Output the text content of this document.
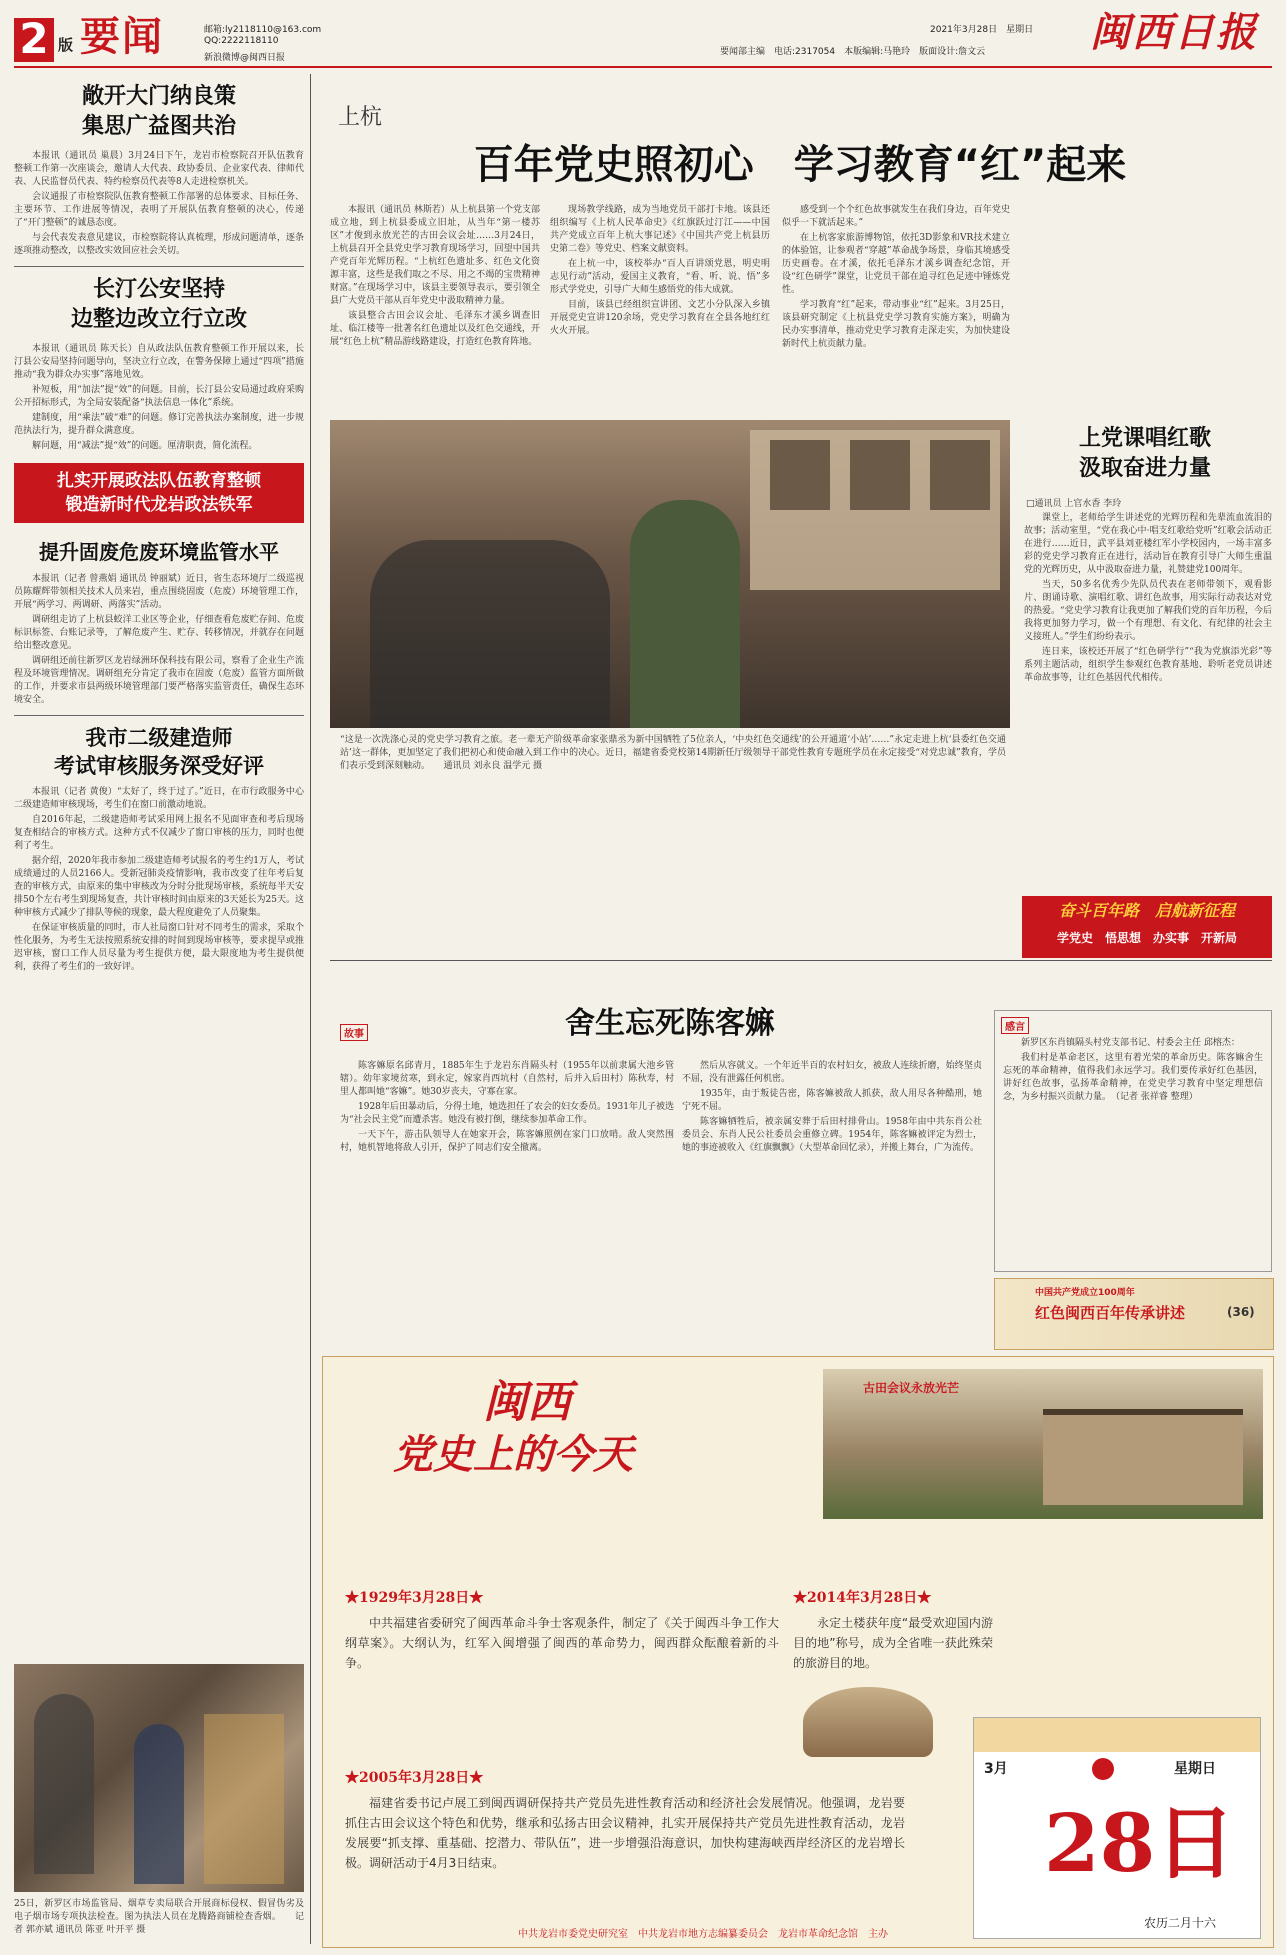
2 版 要闻	邮箱:ly2118110@163.com
QQ:2222118110
新浪微博@闽西日报
2021年3月28日　星期日
要闻部主编　电话:2317054　本版编辑:马艳玲　版面设计:詹文云	闽西日报
敞开大门纳良策
集思广益图共治

本报讯（通讯员 巢晨）3月24日下午，龙岩市检察院召开队伍教育整顿工作第一次座谈会，邀请人大代表、政协委员、企业家代表、律师代表、人民监督员代表、特约检察员代表等8人走进检察机关。

会议通报了市检察院队伍教育整顿工作部署的总体要求、目标任务、主要环节、工作进展等情况，表明了开展队伍教育整顿的决心，传递了“开门整顿”的诚恳态度。

与会代表发表意见建议，市检察院将认真梳理，形成问题清单，逐条逐项推动整改，以整改实效回应社会关切。

长汀公安坚持
边整边改立行立改

本报讯（通讯员 陈天长）自从政法队伍教育整顿工作开展以来，长汀县公安局坚持问题导向，坚决立行立改，在警务保障上通过“四项”措施推动“我为群众办实事”落地见效。

补短板，用“加法”提“效”的问题。目前，长汀县公安局通过政府采购公开招标形式，为全局安装配备“执法信息一体化”系统。

建制度，用“乘法”破“难”的问题。修订完善执法办案制度，进一步规范执法行为，提升群众满意度。

解问题，用“减法”提“效”的问题。厘清职责，简化流程。

扎实开展政法队伍教育整顿
锻造新时代龙岩政法铁军
提升固废危废环境监管水平

本报讯（记者 曾燕娟 通讯员 钟丽斌）近日，省生态环境厅二级巡视员陈耀辉带领相关技术人员来岩，重点围绕固废（危废）环境管理工作，开展“两学习、两调研、两落实”活动。

调研组走访了上杭县蛟洋工业区等企业，仔细查看危废贮存间、危废标识标签、台账记录等，了解危废产生、贮存、转移情况，并就存在问题给出整改意见。

调研组还前往新罗区龙岩绿洲环保科技有限公司，察看了企业生产流程及环境管理情况。调研组充分肯定了我市在固废（危废）监管方面所做的工作，并要求市县两级环境管理部门要严格落实监管责任，确保生态环境安全。

我市二级建造师
考试审核服务深受好评

本报讯（记者 黄俊）“太好了，终于过了。”近日，在市行政服务中心二级建造师审核现场，考生们在窗口前激动地说。

自2016年起，二级建造师考试采用网上报名不见面审查和考后现场复查相结合的审核方式。这种方式不仅减少了窗口审核的压力，同时也便利了考生。

据介绍，2020年我市参加二级建造师考试报名的考生约1万人，考试成绩通过的人员2166人。受新冠肺炎疫情影响，我市改变了往年考后复查的审核方式，由原来的集中审核改为分时分批现场审核，系统每半天安排50个左右考生到现场复查，共计审核时间由原来的3天延长为25天。这种审核方式减少了排队等候的现象，最大程度避免了人员聚集。

在保证审核质量的同时，市人社局窗口针对不同考生的需求，采取个性化服务，为考生无法按照系统安排的时间到现场审核等，要求提早或推迟审核，窗口工作人员尽量为考生提供方便，最大限度地为考生提供便利，获得了考生们的一致好评。

25日，新罗区市场监管局、烟草专卖局联合开展商标侵权、假冒伪劣及电子烟市场专项执法检查。图为执法人员在龙腾路商铺检查香烟。　　记者 郭亦斌 通讯员 陈亚 叶开平 摄
上杭
百年党史照初心　学习教育“红”起来

本报讯（通讯员 林斯若）从上杭县第一个党支部成立地，到上杭县委成立旧址，从当年“第一楼苏区”才俊到永放光芒的古田会议会址……3月24日，上杭县召开全县党史学习教育现场学习，回望中国共产党百年光辉历程。“上杭红色遗址多、红色文化资源丰富，这些是我们取之不尽、用之不竭的宝贵精神财富。”在现场学习中，该县主要领导表示，要引领全县广大党员干部从百年党史中汲取精神力量。

该县整合古田会议会址、毛泽东才溪乡调查旧址、临江楼等一批著名红色遗址以及红色交通线，开展“红色上杭”精品游线路建设，打造红色教育阵地。

现场教学线路，成为当地党员干部打卡地。该县还组织编写《上杭人民革命史》《红旗跃过汀江——中国共产党成立百年上杭大事记述》《中国共产党上杭县历史第二卷》等党史、档案文献资料。

在上杭一中，该校举办“百人百讲颂党恩，明史明志见行动”活动，爱国主义教育，“看、听、说、悟”多形式学党史，引导广大师生感悟党的伟大成就。

目前，该县已经组织宣讲团、文艺小分队深入乡镇开展党史宣讲120余场，党史学习教育在全县各地红红火火开展。

感受到一个个红色故事就发生在我们身边，百年党史似乎一下就活起来。”

在上杭客家旅游博物馆，依托3D影象和VR技术建立的体验馆，让参观者“穿越”革命战争场景，身临其境感受历史画卷。在才溪，依托毛泽东才溪乡调查纪念馆，开设“红色研学”课堂，让党员干部在追寻红色足迹中锤炼党性。

学习教育“红”起来，带动事业“红”起来。3月25日，该县研究制定《上杭县党史学习教育实施方案》，明确为民办实事清单，推动党史学习教育走深走实，为加快建设新时代上杭贡献力量。

“这是一次洗涤心灵的党史学习教育之旅。老一辈无产阶级革命家张鼎丞为新中国牺牲了5位亲人，‘中央红色交通线’的公开通道‘小站’……”永定走进上杭‘县委红色交通站’这一群体，更加坚定了我们把初心和使命融入到工作中的决心。近日，福建省委党校第14期新任厅级领导干部党性教育专题班学员在永定接受“对党忠诚”教育，学员们表示受到深刻触动。　　通讯员 刘永良 温学元 摄
上党课唱红歌
汲取奋进力量
□通讯员 上官水香 李玲

课堂上，老师给学生讲述党的光辉历程和先辈流血流泪的故事；活动室里，“党在我心中·唱支红歌给党听”红歌会活动正在进行……近日，武平县刘亚楼红军小学校园内，一场丰富多彩的党史学习教育正在进行，活动旨在教育引导广大师生重温党的光辉历史，从中汲取奋进力量，礼赞建党100周年。

当天，50多名优秀少先队员代表在老师带领下，观看影片、朗诵诗歌、演唱红歌、讲红色故事，用实际行动表达对党的热爱。“党史学习教育让我更加了解我们党的百年历程，今后我将更加努力学习，做一个有理想、有文化、有纪律的社会主义接班人。”学生们纷纷表示。

连日来，该校还开展了“红色研学行”“我为党旗添光彩”等系列主题活动，组织学生参观红色教育基地、聆听老党员讲述革命故事等，让红色基因代代相传。

奋斗百年路　启航新征程
学党史　悟思想　办实事　开新局
故事	舍生忘死陈客嫲

陈客嫲原名邱青月，1885年生于龙岩东肖隔头村（1955年以前隶属大池乡管辖）。幼年家境贫寒，到永定，嫁家肖西坑村（自然村，后并入后田村）陈秋寿，村里人都叫她“客嫲”。她30岁丧夫，守寡在家。

1928年后田暴动后，分得土地，她选担任了农会的妇女委员。1931年儿子被选为“社会民主党”而遭杀害。她没有被打倒，继续参加革命工作。

一天下午，游击队领导人在她家开会，陈客嫲照例在家门口放哨。敌人突然围村，她机智地将敌人引开，保护了同志们安全撤离。

然后从容就义。一个年近半百的农村妇女，被敌人连续折磨，始终坚贞不屈，没有泄露任何机密。

1935年，由于叛徒告密，陈客嫲被敌人抓获，敌人用尽各种酷刑，她宁死不屈。

陈客嫲牺牲后，被亲属安葬于后田村排骨山。1958年由中共东肖公社委员会、东肖人民公社委员会重修立碑。1954年，陈客嫲被评定为烈士，她的事迹被收入《红旗飘飘》（大型革命回忆录），并搬上舞台，广为流传。

感言

新罗区东肖镇隔头村党支部书记、村委会主任 邱榕杰：

我们村是革命老区，这里有着光荣的革命历史。陈客嫲舍生忘死的革命精神，值得我们永远学习。我们要传承好红色基因，讲好红色故事，弘扬革命精神，在党史学习教育中坚定理想信念，为乡村振兴贡献力量。　（记者 张祥睿 整理）

中国共产党成立100周年
红色闽西百年传承讲述	(36)
闽西
党史上的今天
古田会议永放光芒
★1929年3月28日★
中共福建省委研究了闽西革命斗争士客观条件，制定了《关于闽西斗争工作大纲草案》。大纲认为，红军入闽增强了闽西的革命势力，闽西群众酝酿着新的斗争。
★2014年3月28日★
永定土楼获年度“最受欢迎国内游目的地”称号，成为全省唯一获此殊荣的旅游目的地。
★2005年3月28日★
福建省委书记卢展工到闽西调研保持共产党员先进性教育活动和经济社会发展情况。他强调，龙岩要抓住古田会议这个特色和优势，继承和弘扬古田会议精神，扎实开展保持共产党员先进性教育活动，龙岩发展要“抓支撑、重基础、挖潜力、带队伍”，进一步增强沿海意识，加快构建海峡西岸经济区的龙岩增长极。调研活动于4月3日结束。
3月	星期日
28日
农历二月十六
中共龙岩市委党史研究室　中共龙岩市地方志编纂委员会　龙岩市革命纪念馆　主办
